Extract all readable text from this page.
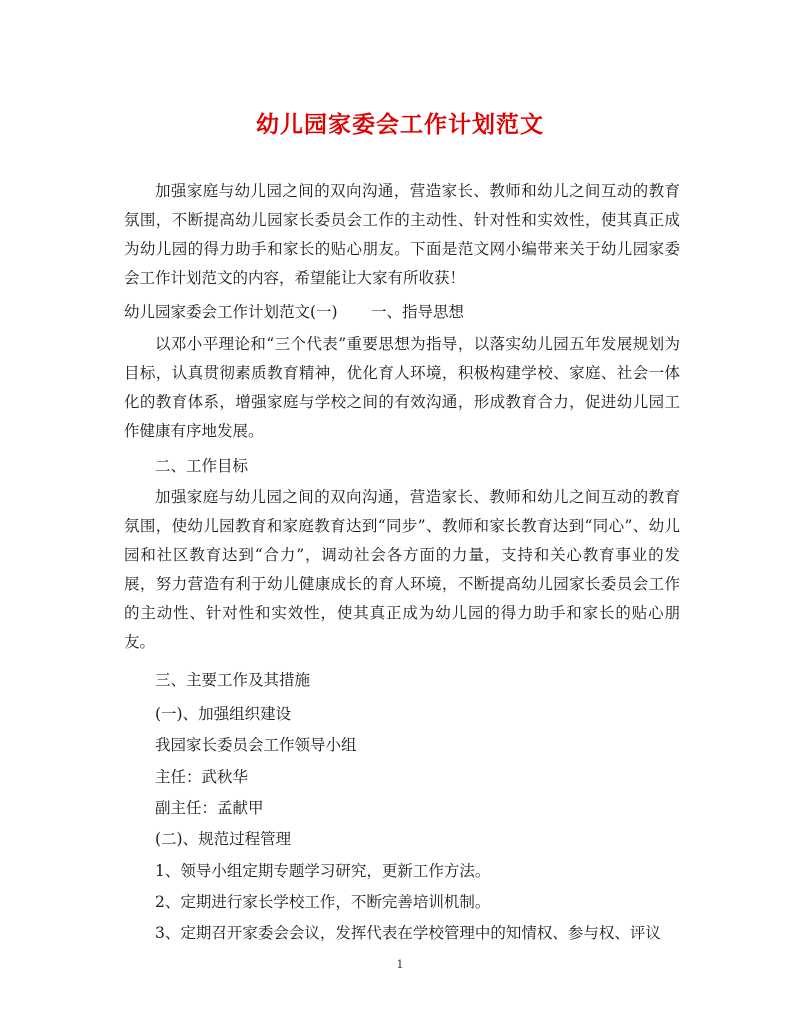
幼儿园家委会工作计划范文
加强家庭与幼儿园之间的双向沟通，营造家长、教师和幼儿之间互动的教育氛围，不断提高幼儿园家长委员会工作的主动性、针对性和实效性，使其真正成为幼儿园的得力助手和家长的贴心朋友。下面是范文网小编带来关于幼儿园家委会工作计划范文的内容，希望能让大家有所收获！
幼儿园家委会工作计划范文(一) 一、指导思想
以邓小平理论和“三个代表”重要思想为指导，以落实幼儿园五年发展规划为目标，认真贯彻素质教育精神，优化育人环境，积极构建学校、家庭、社会一体化的教育体系，增强家庭与学校之间的有效沟通，形成教育合力，促进幼儿园工作健康有序地发展。
二、工作目标
加强家庭与幼儿园之间的双向沟通，营造家长、教师和幼儿之间互动的教育氛围，使幼儿园教育和家庭教育达到“同步”、教师和家长教育达到“同心”、幼儿园和社区教育达到“合力”，调动社会各方面的力量，支持和关心教育事业的发展，努力营造有利于幼儿健康成长的育人环境，不断提高幼儿园家长委员会工作的主动性、针对性和实效性，使其真正成为幼儿园的得力助手和家长的贴心朋友。
三、主要工作及其措施
(一)、加强组织建设
我园家长委员会工作领导小组
主任：武秋华
副主任：孟献甲
(二)、规范过程管理
1、领导小组定期专题学习研究，更新工作方法。
2、定期进行家长学校工作，不断完善培训机制。
3、定期召开家委会会议，发挥代表在学校管理中的知情权、参与权、评议
1
